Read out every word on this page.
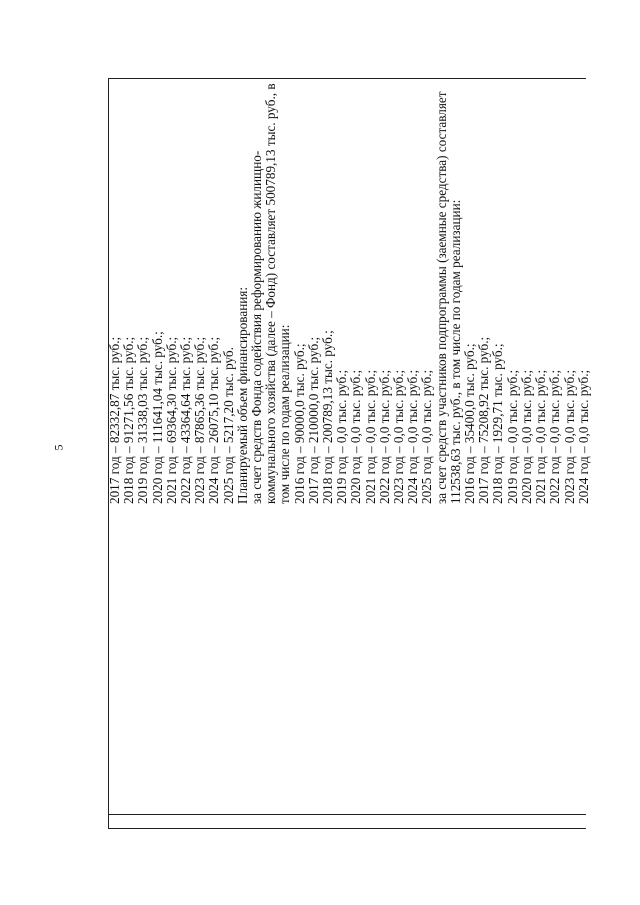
5	2017 год – 82332,87 тыс. руб.; 2018 год – 91271,56 тыс. руб.; 2019 год – 31338,03 тыс. руб.; 2020 год – 111641,04 тыс. руб.; 2021 год – 69364,30 тыс. руб.; 2022 год – 43364,64 тыс. руб.; 2023 год – 87865,36 тыс. руб.; 2024 год – 26075,10 тыс. руб.; 2025 год – 5217,20 тыс. руб. Планируемый объем финансирования: за счет средств Фонда содействия реформированию жилищно- коммунального хозяйства (далее – Фонд) составляет 500789,13 тыс. руб., в том числе по годам реализации: 2016 год – 90000,0 тыс. руб.; 2017 год – 210000,0 тыс. руб.; 2018 год – 200789,13 тыс. руб.; 2019 год – 0,0 тыс. руб.; 2020 год – 0,0 тыс. руб.; 2021 год – 0,0 тыс. руб.; 2022 год – 0,0 тыс. руб.; 2023 год – 0,0 тыс. руб.; 2024 год – 0,0 тыс. руб.; 2025 год – 0,0 тыс. руб.; за счет средств участников подпрограммы (заемные средства) составляет 112538,63 тыс. руб., в том числе по годам реализации: 2016 год – 35400,0 тыс. руб.; 2017 год – 75208,92 тыс. руб.; 2018 год – 1929,71 тыс. руб.; 2019 год – 0,0 тыс. руб.; 2020 год – 0,0 тыс. руб.; 2021 год – 0,0 тыс. руб.; 2022 год – 0,0 тыс. руб.; 2023 год – 0,0 тыс. руб.; 2024 год – 0,0 тыс. руб.;
